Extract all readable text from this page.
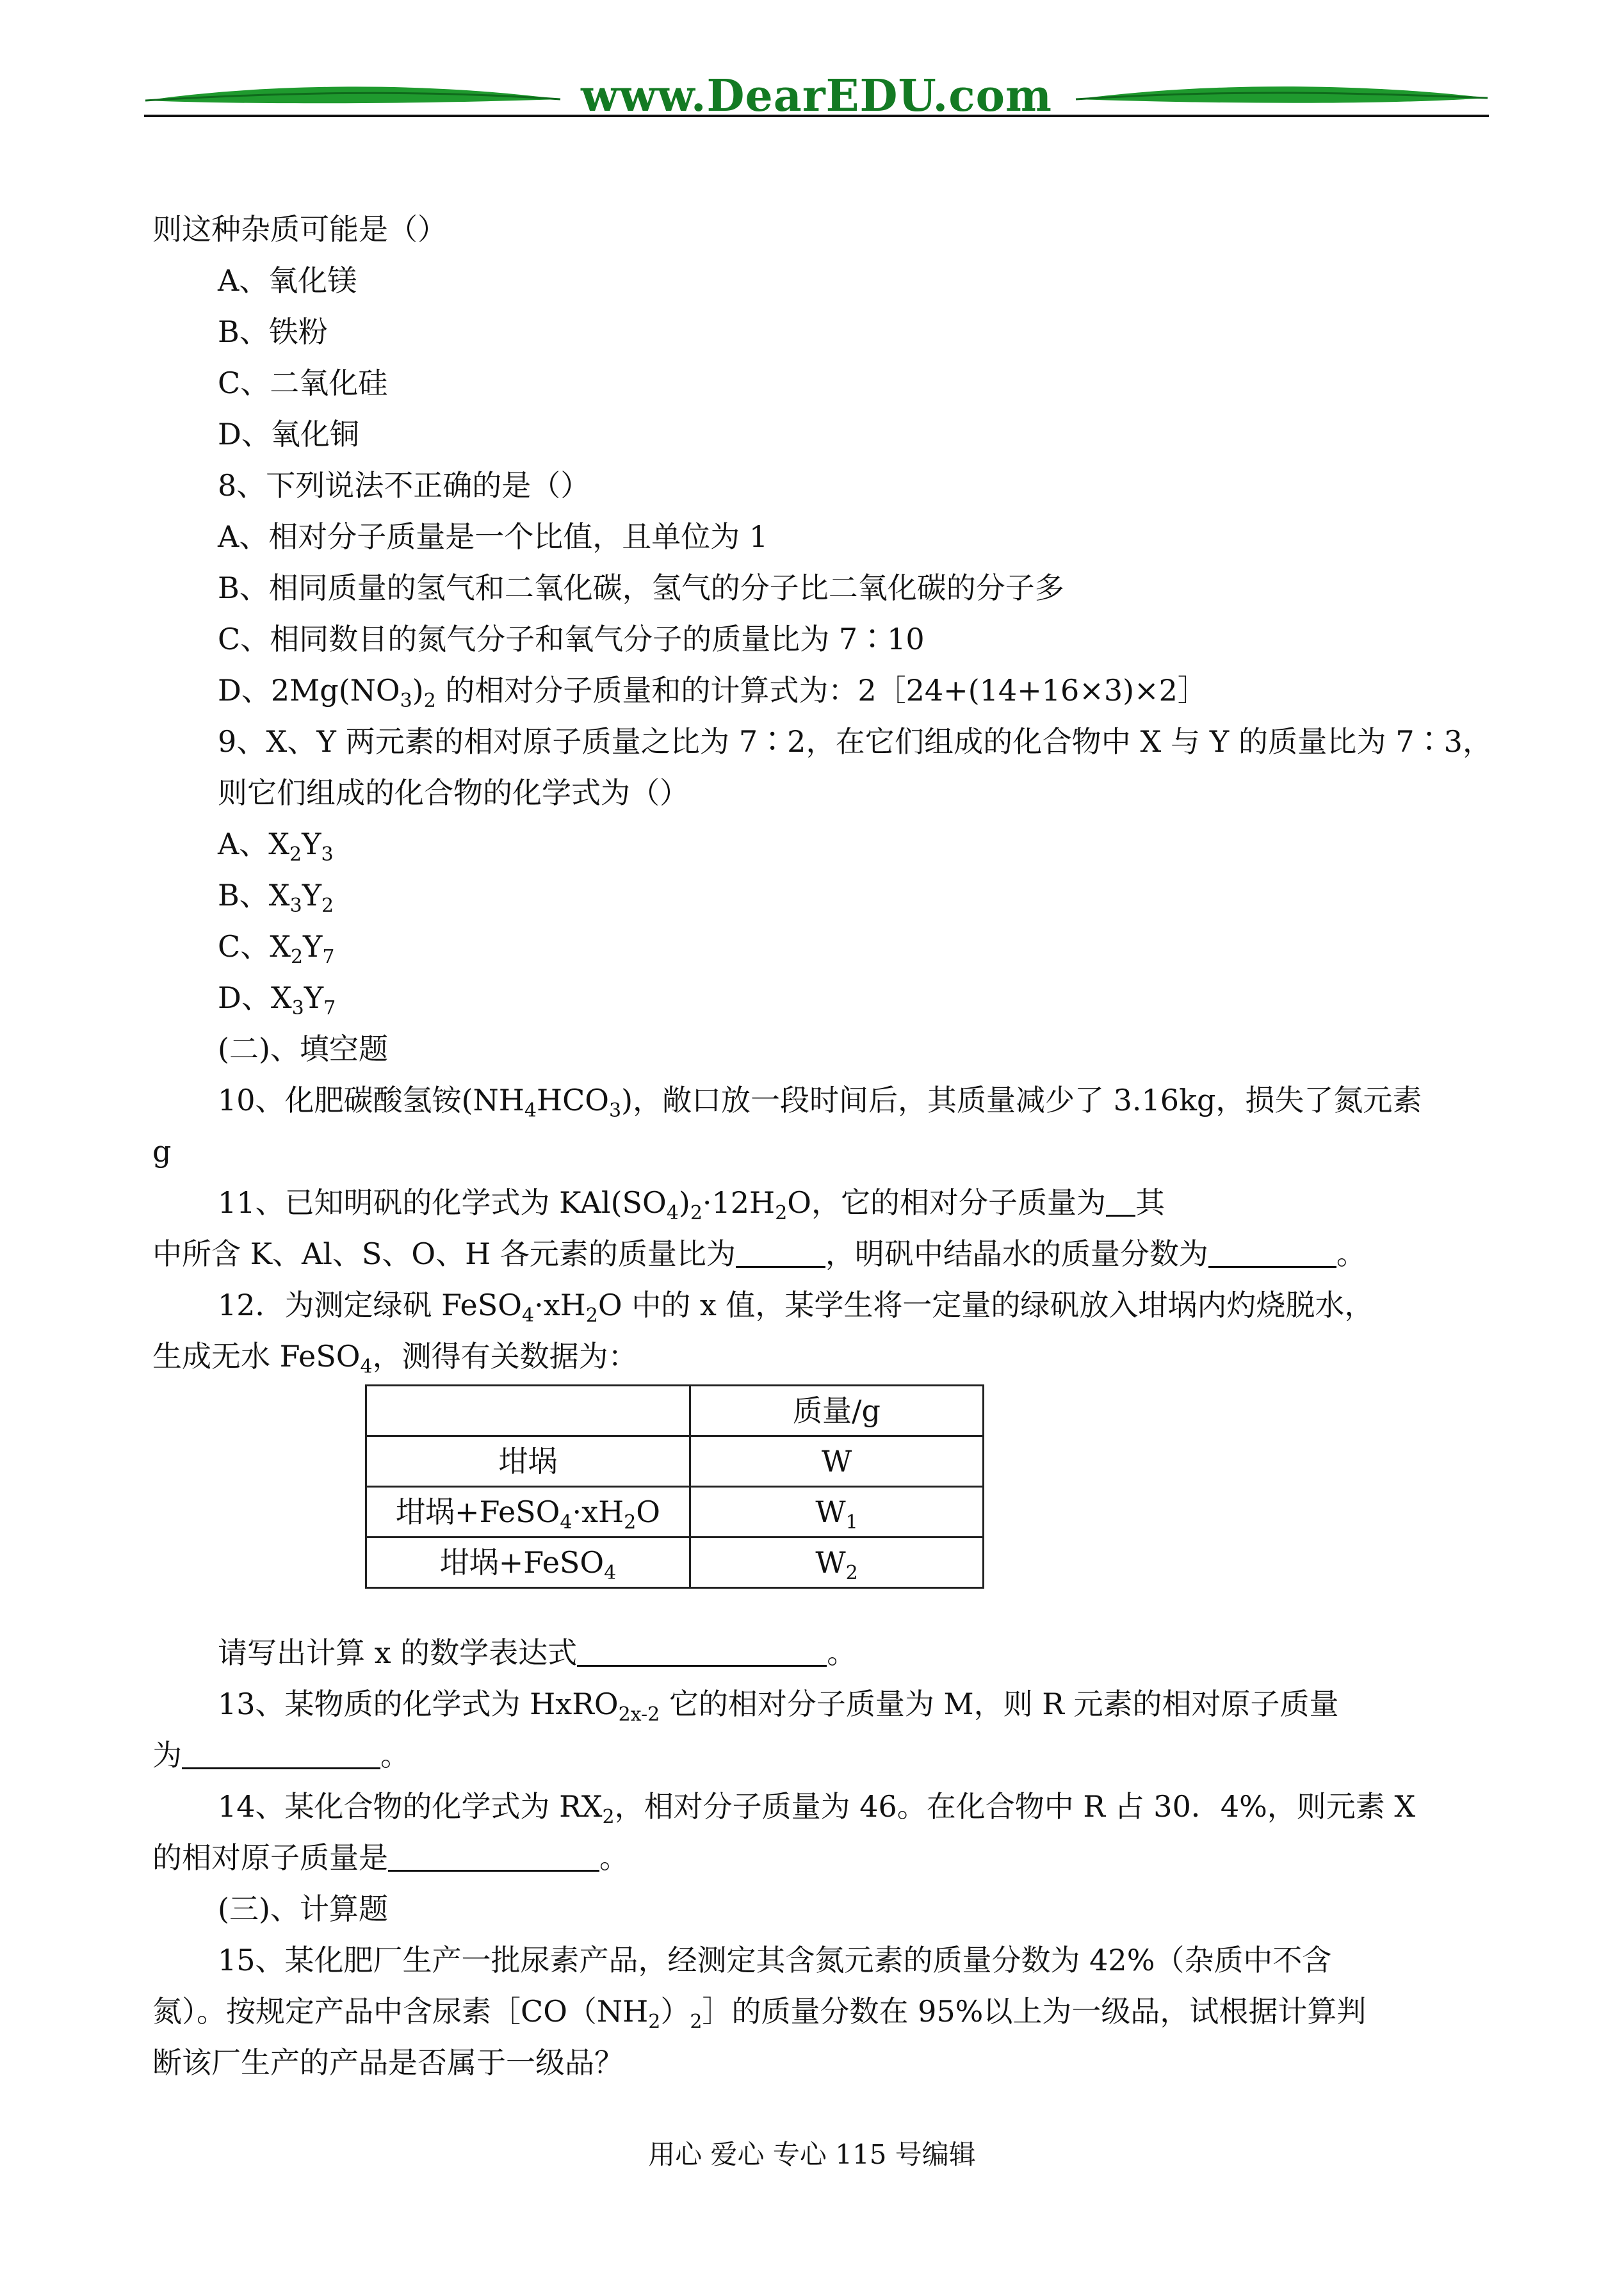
www.DearEDU.com

则这种杂质可能是（）

A、氧化镁

B、铁粉

C、二氧化硅

D、氧化铜

8、下列说法不正确的是（）

A、相对分子质量是一个比值，且单位为 1

B、相同质量的氢气和二氧化碳，氢气的分子比二氧化碳的分子多

C、相同数目的氮气分子和氧气分子的质量比为 7∶10

D、$2Mg(NO_3)_2$ 的相对分子质量和的计算式为：2［24+(14+16×3)×2］

9、X、Y 两元素的相对原子质量之比为 7∶2，在它们组成的化合物中 X 与 Y 的质量比为 7∶3，则它们组成的化合物的化学式为（）

A、$X_2Y_3$

B、$X_3Y_2$

C、$X_2Y_7$

D、$X_3Y_7$

(二)、填空题

10、化肥碳酸氢铵$(NH_4HCO_3)$，敞口放一段时间后，其质量减少了 3.16kg，损失了氮元素

g

11、已知明矾的化学式为 $KAl(SO_4)_2\cdot 12H_2O$，它的相对分子质量为 其

中所含 K、Al、S、O、H 各元素的质量比为	，明矾中结晶水的质量分数为	。

12．为测定绿矾 $FeSO_4\cdot xH_2O$ 中的 x 值，某学生将一定量的绿矾放入坩埚内灼烧脱水，

生成无水 FeSO$_4$，测得有关数据为：

	质量/g
坩埚	W
坩埚$+FeSO_4\cdot xH_2O$	$W_1$
坩埚+FeSO$_4$	$W_2$

请写出计算 x 的数学表达式	。

13、某物质的化学式为 HxRO$_{2x-2}$ 它的相对分子质量为 M，则 R 元素的相对原子质量

为	。

14、某化合物的化学式为 $RX_2$，相对分子质量为 46。在化合物中 R 占 30．4%，则元素 X

的相对原子质量是	。

(三)、计算题

15、某化肥厂生产一批尿素产品，经测定其含氮元素的质量分数为 42%（杂质中不含

氮）。按规定产品中含尿素$[CO(NH_2)_2]$的质量分数在 95%以上为一级品，试根据计算判

断该厂生产的产品是否属于一级品？

用心 爱心 专心 115 号编辑
